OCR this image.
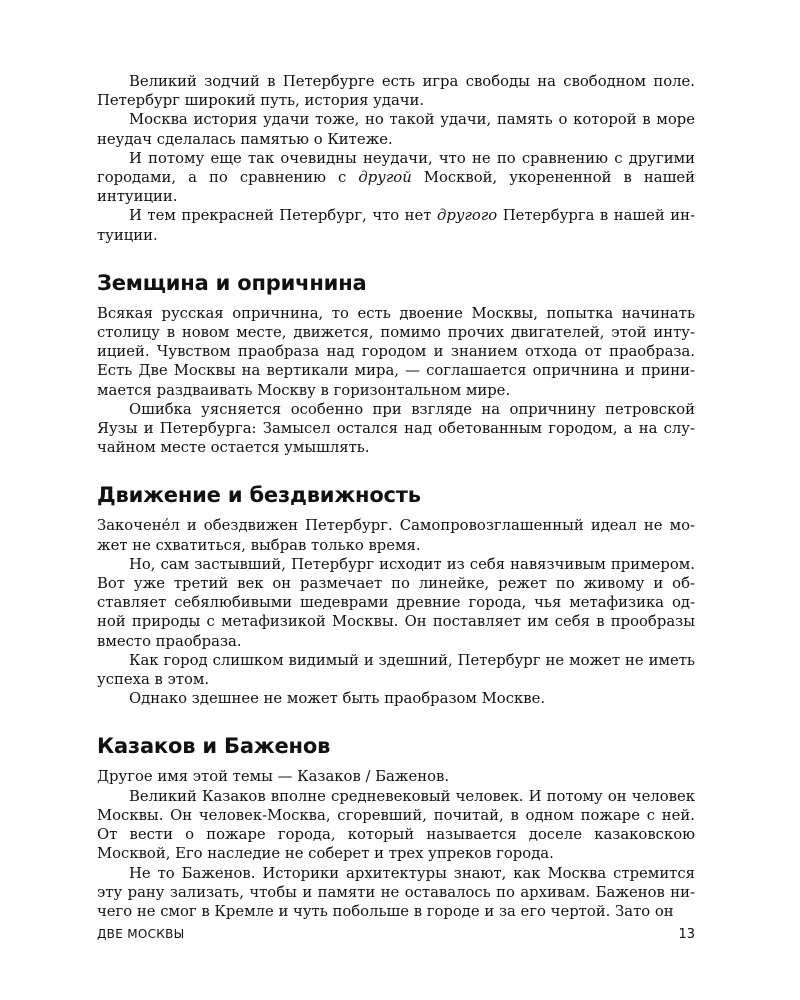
Великий зодчий в Петербурге есть игра свободы на свободном поле. Петербург широкий путь, история удачи.

Москва история удачи тоже, но такой удачи, память о которой в море неудач сделалась памятью о Китеже.

И потому еще так очевидны неудачи, что не по сравнению с другими городами, а по сравнению с другой Москвой, укорененной в нашей интуиции.

И тем прекрасней Петербург, что нет другого Петербурга в нашей интуиции.

Земщина и опричнина

Всякая русская опричнина, то есть двоение Москвы, попытка начинать столицу в новом месте, движется, помимо прочих двигателей, этой интуицией. Чувством праобраза над городом и знанием отхода от праобраза. Есть Две Москвы на вертикали мира, — соглашается опричнина и принимается раздваивать Москву в горизонтальном мире.

Ошибка уясняется особенно при взгляде на опричнину петровской Яузы и Петербурга: Замысел остался над обетованным городом, а на случайном месте остается умышлять.

Движение и бездвижность

Закочене́л и обездвижен Петербург. Самопровозглашенный идеал не может не схватиться, выбрав только время.

Но, сам застывший, Петербург исходит из себя навязчивым примером. Вот уже третий век он размечает по линейке, режет по живому и обставляет себялюбивыми шедеврами древние города, чья метафизика одной природы с метафизикой Москвы. Он поставляет им себя в прообразы вместо праобраза.

Как город слишком видимый и здешний, Петербург не может не иметь успеха в этом.

Однако здешнее не может быть праобразом Москве.

Казаков и Баженов

Другое имя этой темы — Казаков / Баженов.

Великий Казаков вполне средневековый человек. И потому он человек Москвы. Он человек-Москва, сгоревший, почитай, в одном пожаре с ней. От вести о пожаре города, который называется доселе казаковскою Москвой, Его наследие не соберет и трех упреков города.

Не то Баженов. Историки архитектуры знают, как Москва стремится эту рану зализать, чтобы и памяти не оставалось по архивам. Баженов ничего не смог в Кремле и чуть побольше в городе и за его чертой. Зато он

ДВЕ МОСКВЫ	13
